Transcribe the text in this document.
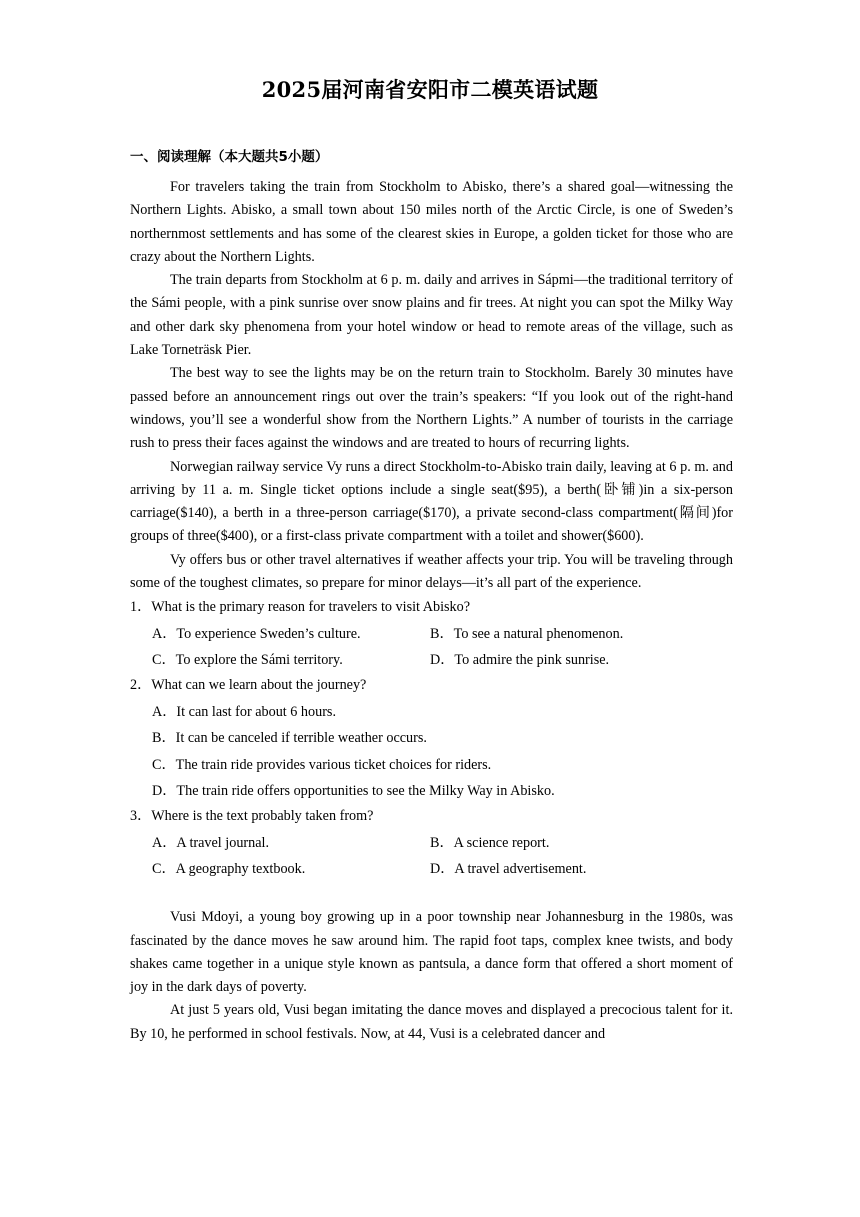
2025届河南省安阳市二模英语试题
一、阅读理解（本大题共5小题）

For travelers taking the train from Stockholm to Abisko, there’s a shared goal—witnessing the Northern Lights. Abisko, a small town about 150 miles north of the Arctic Circle, is one of Sweden’s northernmost settlements and has some of the clearest skies in Europe, a golden ticket for those who are crazy about the Northern Lights.

The train departs from Stockholm at 6 p. m. daily and arrives in Sápmi—the traditional territory of the Sámi people, with a pink sunrise over snow plains and fir trees. At night you can spot the Milky Way and other dark sky phenomena from your hotel window or head to remote areas of the village, such as Lake Torneträsk Pier.

The best way to see the lights may be on the return train to Stockholm. Barely 30 minutes have passed before an announcement rings out over the train’s speakers: “If you look out of the right-hand windows, you’ll see a wonderful show from the Northern Lights.” A number of tourists in the carriage rush to press their faces against the windows and are treated to hours of recurring lights.

Norwegian railway service Vy runs a direct Stockholm-to-Abisko train daily, leaving at 6 p. m. and arriving by 11 a. m. Single ticket options include a single seat($95), a berth(卧铺)in a six-person carriage($140), a berth in a three-person carriage($170), a private second-class compartment(隔间)for groups of three($400), or a first-class private compartment with a toilet and shower($600).

Vy offers bus or other travel alternatives if weather affects your trip. You will be traveling through some of the toughest climates, so prepare for minor delays—it’s all part of the experience.

1．What is the primary reason for travelers to visit Abisko?

A．To experience Sweden’s culture.	B．To see a natural phenomenon.
C．To explore the Sámi territory.	D．To admire the pink sunrise.

2．What can we learn about the journey?

A．It can last for about 6 hours.
B．It can be canceled if terrible weather occurs.
C．The train ride provides various ticket choices for riders.
D．The train ride offers opportunities to see the Milky Way in Abisko.

3．Where is the text probably taken from?

A．A travel journal.	B．A science report.
C．A geography textbook.	D．A travel advertisement.

Vusi Mdoyi, a young boy growing up in a poor township near Johannesburg in the 1980s, was fascinated by the dance moves he saw around him. The rapid foot taps, complex knee twists, and body shakes came together in a unique style known as pantsula, a dance form that offered a short moment of joy in the dark days of poverty.

At just 5 years old, Vusi began imitating the dance moves and displayed a precocious talent for it. By 10, he performed in school festivals. Now, at 44, Vusi is a celebrated dancer and
